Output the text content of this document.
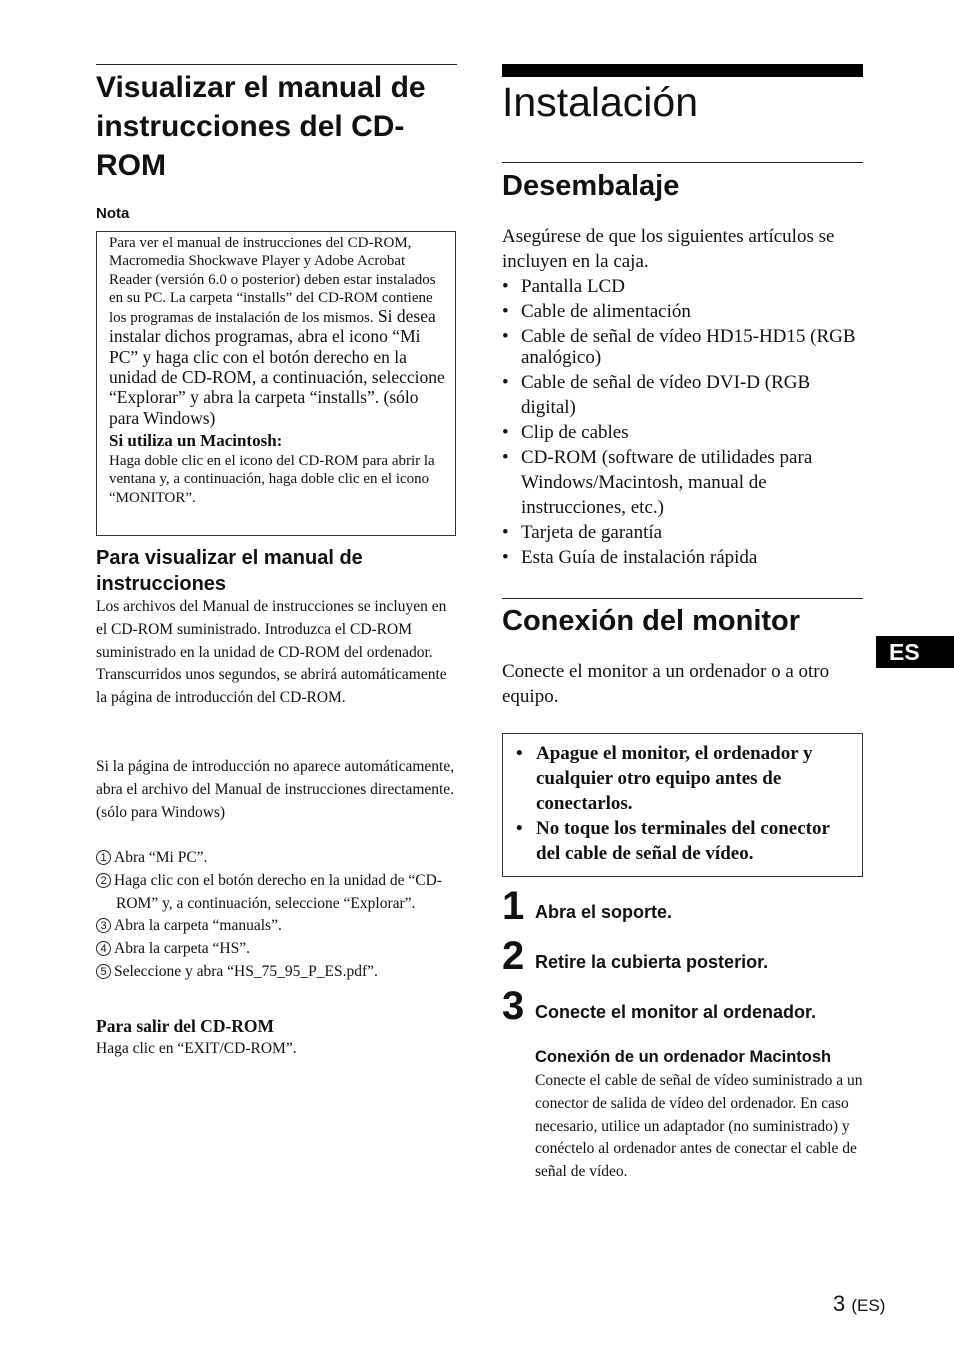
Visualizar el manual de instrucciones del CD-ROM
Nota
Para ver el manual de instrucciones del CD-ROM, Macromedia Shockwave Player y Adobe Acrobat Reader (versión 6.0 o posterior) deben estar instalados en su PC. La carpeta “installs” del CD-ROM contiene los programas de instalación de los mismos. Si desea instalar dichos programas, abra el icono “Mi PC” y haga clic con el botón derecho en la unidad de CD-ROM, a continuación, seleccione “Explorar” y abra la carpeta “installs”. (sólo para Windows)
Si utiliza un Macintosh:
Haga doble clic en el icono del CD-ROM para abrir la ventana y, a continuación, haga doble clic en el icono “MONITOR”.
Para visualizar el manual de instrucciones
Los archivos del Manual de instrucciones se incluyen en el CD-ROM suministrado. Introduzca el CD-ROM suministrado en la unidad de CD-ROM del ordenador. Transcurridos unos segundos, se abrirá automáticamente la página de introducción del CD-ROM.
Si la página de introducción no aparece automáticamente, abra el archivo del Manual de instrucciones directamente. (sólo para Windows)
1 Abra “Mi PC”.
2 Haga clic con el botón derecho en la unidad de “CD-ROM” y, a continuación, seleccione “Explorar”.
3 Abra la carpeta “manuals”.
4 Abra la carpeta “HS”.
5 Seleccione y abra “HS_75_95_P_ES.pdf”.
Para salir del CD-ROM
Haga clic en “EXIT/CD-ROM”.
Instalación
Desembalaje
Asegúrese de que los siguientes artículos se incluyen en la caja.
• Pantalla LCD
• Cable de alimentación
• Cable de señal de vídeo HD15-HD15 (RGB analógico)
• Cable de señal de vídeo DVI-D (RGB digital)
• Clip de cables
• CD-ROM (software de utilidades para Windows/Macintosh, manual de instrucciones, etc.)
• Tarjeta de garantía
• Esta Guía de instalación rápida
Conexión del monitor
Conecte el monitor a un ordenador o a otro equipo.
• Apague el monitor, el ordenador y cualquier otro equipo antes de conectarlos.
• No toque los terminales del conector del cable de señal de vídeo.
1 Abra el soporte.
2 Retire la cubierta posterior.
3 Conecte el monitor al ordenador.
Conexión de un ordenador Macintosh
Conecte el cable de señal de vídeo suministrado a un conector de salida de vídeo del ordenador. En caso necesario, utilice un adaptador (no suministrado) y conéctelo al ordenador antes de conectar el cable de señal de vídeo.
ES
3 (ES)
